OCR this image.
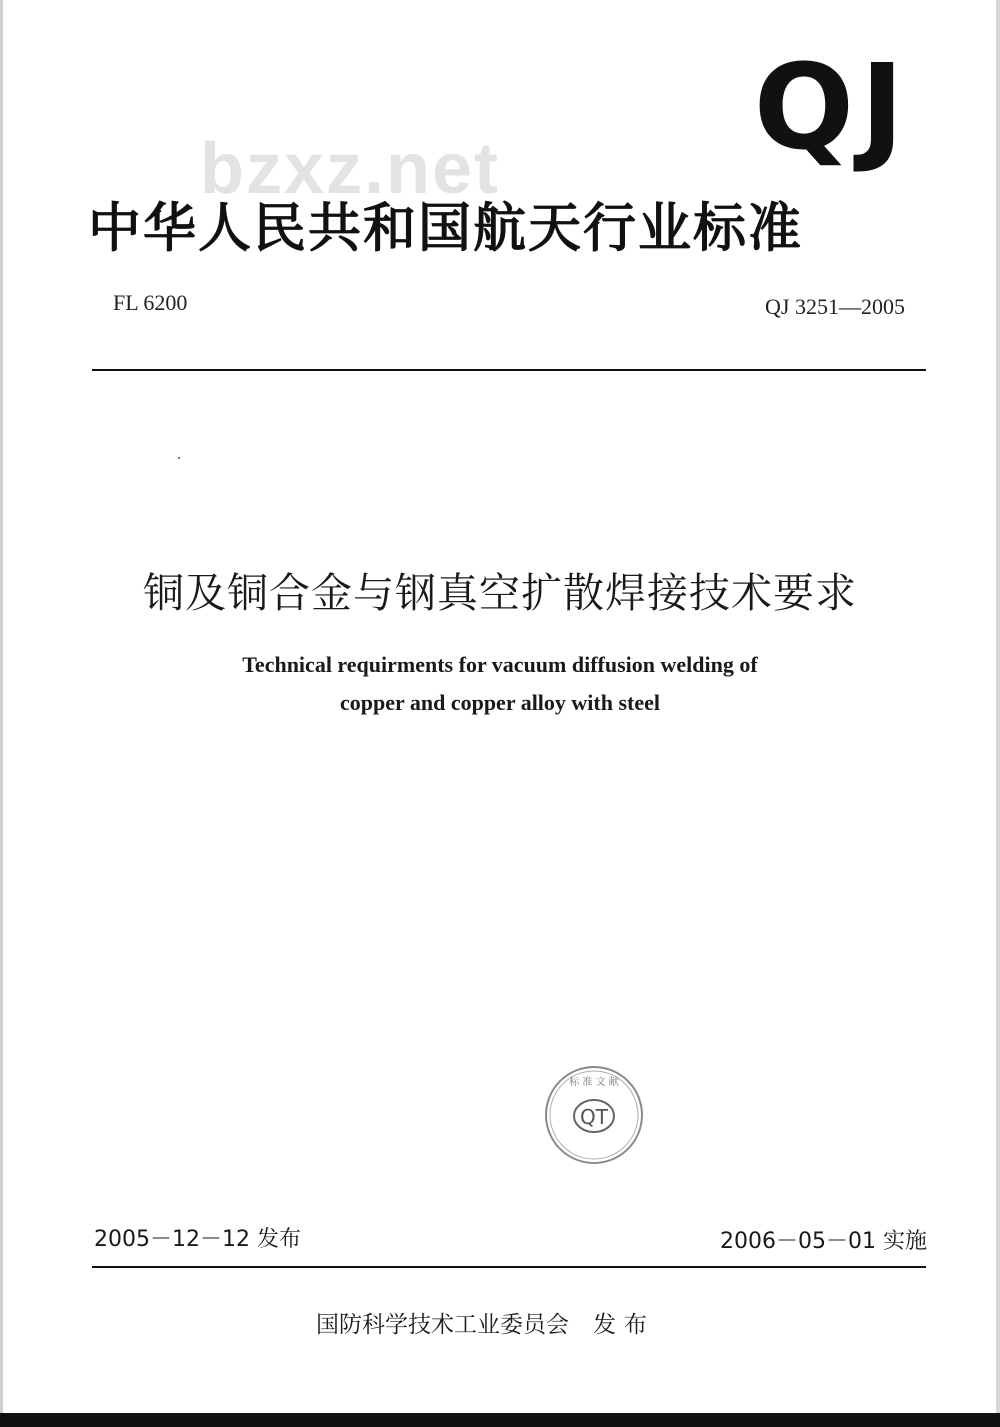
QJ
bzxz.net
中华人民共和国航天行业标准
FL 6200	QJ 3251—2005
铜及铜合金与钢真空扩散焊接技术要求
Technical requirments for vacuum diffusion welding of
copper and copper alloy with steel
QT
标 准 文 献
2005－12－12 发布	2006－05－01 实施
国防科学技术工业委员会 发布
